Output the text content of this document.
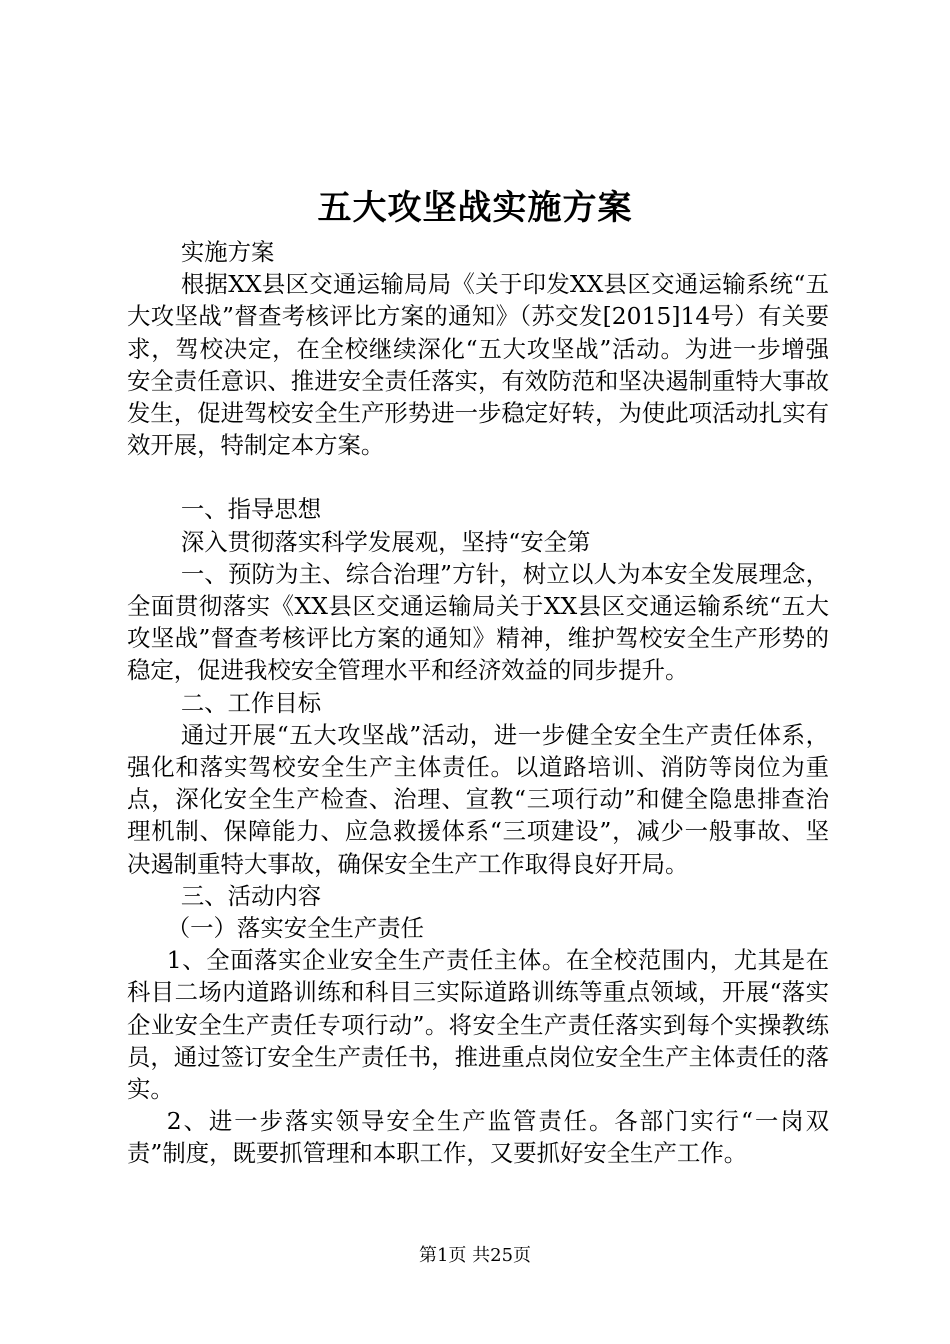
五大攻坚战实施方案

实施方案

根据XX县区交通运输局局《关于印发XX县区交通运输系统“五大攻坚战”督查考核评比方案的通知》（苏交发[2015]14号）有关要求，驾校决定，在全校继续深化“五大攻坚战”活动。为进一步增强安全责任意识、推进安全责任落实，有效防范和坚决遏制重特大事故发生，促进驾校安全生产形势进一步稳定好转，为使此项活动扎实有效开展，特制定本方案。

一、指导思想

深入贯彻落实科学发展观，坚持“安全第

一、预防为主、综合治理”方针，树立以人为本安全发展理念，全面贯彻落实《XX县区交通运输局关于XX县区交通运输系统“五大攻坚战”督查考核评比方案的通知》精神，维护驾校安全生产形势的稳定，促进我校安全管理水平和经济效益的同步提升。

二、工作目标

通过开展“五大攻坚战”活动，进一步健全安全生产责任体系，强化和落实驾校安全生产主体责任。以道路培训、消防等岗位为重点，深化安全生产检查、治理、宣教“三项行动”和健全隐患排查治理机制、保障能力、应急救援体系“三项建设”，减少一般事故、坚决遏制重特大事故，确保安全生产工作取得良好开局。

三、活动内容

（一）落实安全生产责任

1、全面落实企业安全生产责任主体。在全校范围内，尤其是在科目二场内道路训练和科目三实际道路训练等重点领域，开展“落实企业安全生产责任专项行动”。将安全生产责任落实到每个实操教练员，通过签订安全生产责任书，推进重点岗位安全生产主体责任的落实。

2、进一步落实领导安全生产监管责任。各部门实行“一岗双责”制度，既要抓管理和本职工作，又要抓好安全生产工作。

第1页 共25页
